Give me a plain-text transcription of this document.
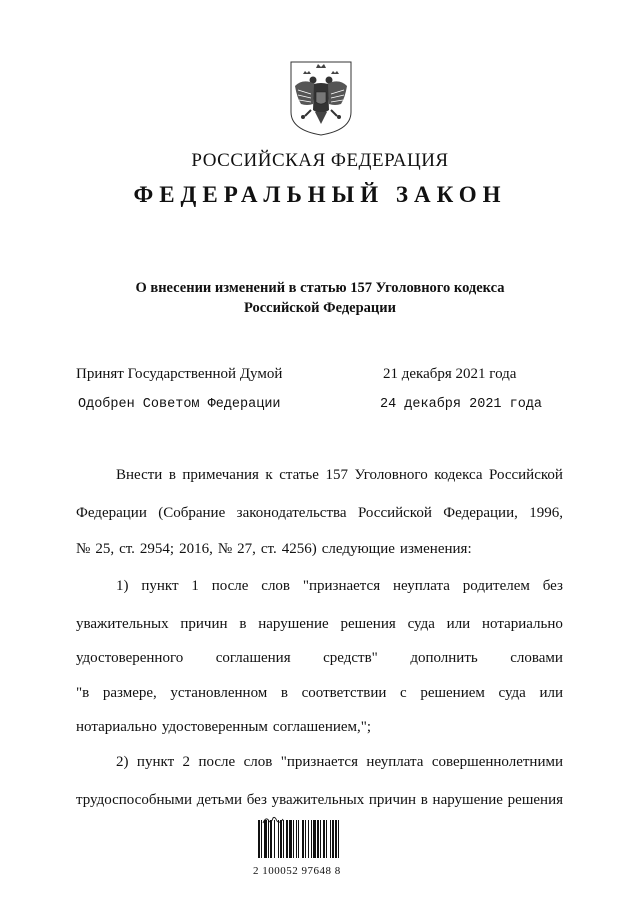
РОССИЙСКАЯ ФЕДЕРАЦИЯ
ФЕДЕРАЛЬНЫЙ ЗАКОН
О внесении изменений в статью 157 Уголовного кодекса
Российской Федерации
Принят Государственной Думой	21 декабря 2021 года
Одобрен Советом Федерации	24 декабря 2021 года
Внести в примечания к статье 157 Уголовного кодекса Российской
Федерации (Собрание законодательства Российской Федерации, 1996,
№ 25, ст. 2954; 2016, № 27, ст. 4256) следующие изменения:
1) пункт 1 после слов "признается неуплата родителем без
уважительных причин в нарушение решения суда или нотариально
удостоверенного соглашения средств" дополнить словами
"в размере, установленном в соответствии с решением суда или
нотариально удостоверенным соглашением,";
2) пункт 2 после слов "признается неуплата совершеннолетними
трудоспособными детьми без уважительных причин в нарушение решения
2 100052 97648 8
